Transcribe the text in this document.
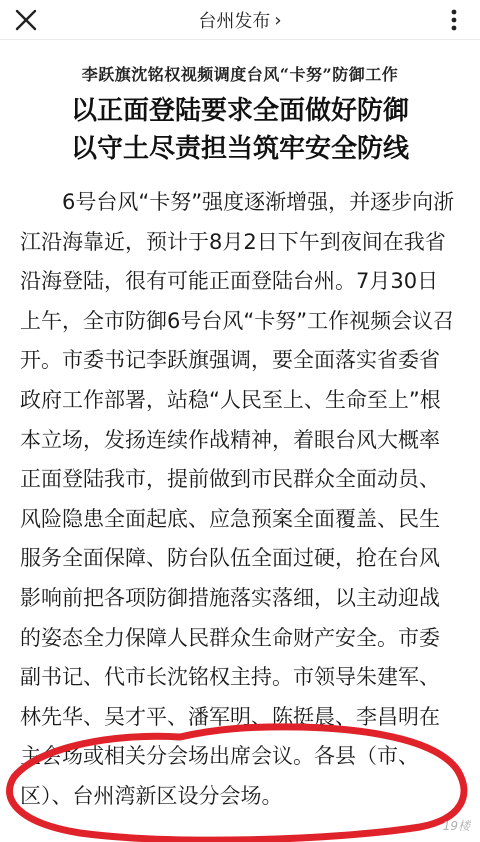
台州发布 ›
李跃旗沈铭权视频调度台风“卡努”防御工作
以正面登陆要求全面做好防御
以守土尽责担当筑牢安全防线
6号台风“卡努”强度逐渐增强，并逐步向浙
江沿海靠近，预计于8月2日下午到夜间在我省
沿海登陆，很有可能正面登陆台州。7月30日
上午，全市防御6号台风“卡努”工作视频会议召
开。市委书记李跃旗强调，要全面落实省委省
政府工作部署，站稳“人民至上、生命至上”根
本立场，发扬连续作战精神，着眼台风大概率
正面登陆我市，提前做到市民群众全面动员、
风险隐患全面起底、应急预案全面覆盖、民生
服务全面保障、防台队伍全面过硬，抢在台风
影响前把各项防御措施落实落细，以主动迎战
的姿态全力保障人民群众生命财产安全。市委
副书记、代市长沈铭权主持。市领导朱建军、
林先华、吴才平、潘军明、陈挺晨、李昌明在
主会场或相关分会场出席会议。各县（市、
区）、台州湾新区设分会场。
19楼
